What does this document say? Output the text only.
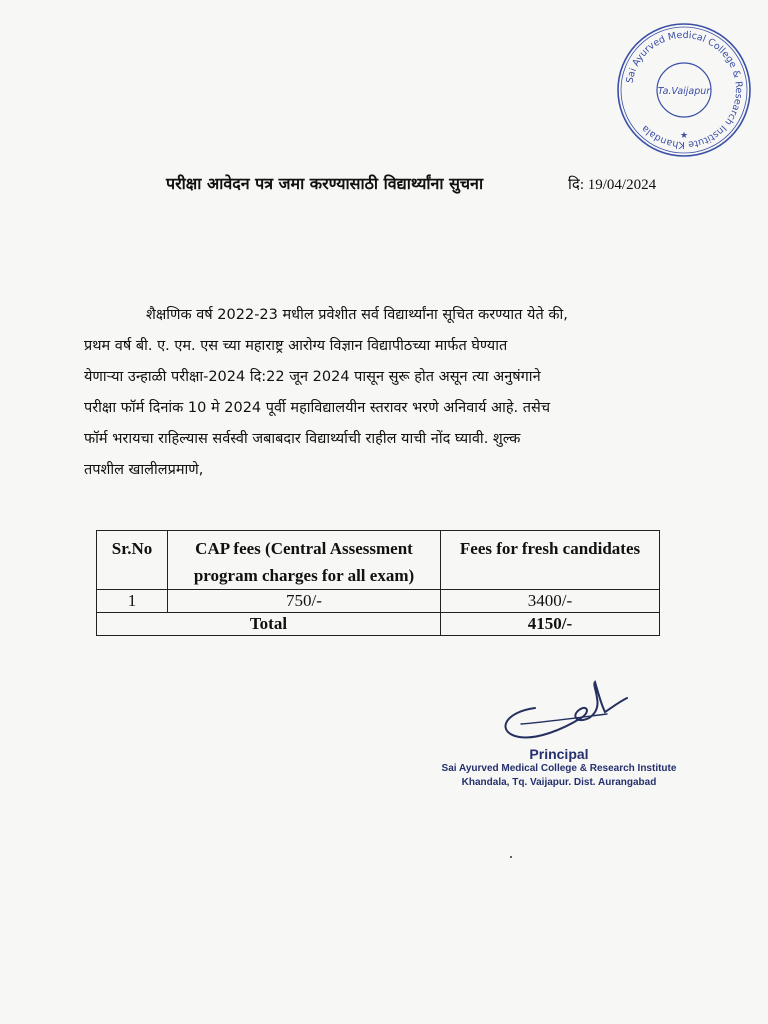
Sai Ayurved Medical College & Research Institute Khandala
Ta.Vaijapur
★
परीक्षा आवेदन पत्र जमा करण्यासाठी विद्यार्थ्यांना सुचना	दि: 19/04/2024

शैक्षणिक वर्ष 2022-23 मधील प्रवेशीत सर्व विद्यार्थ्यांना सूचित करण्यात येते की,
प्रथम वर्ष बी. ए. एम. एस च्या महाराष्ट्र आरोग्य विज्ञान विद्यापीठच्या मार्फत घेण्यात
येणाऱ्या उन्हाळी परीक्षा-2024 दि:22 जून 2024 पासून सुरू होत असून त्या अनुषंगाने
परीक्षा फॉर्म दिनांक 10 मे 2024 पूर्वी महाविद्यालयीन स्तरावर भरणे अनिवार्य आहे. तसेच
फॉर्म भरायचा राहिल्यास सर्वस्वी जबाबदार विद्यार्थ्याची राहील याची नोंद घ्यावी. शुल्क
तपशील खालीलप्रमाणे,

Sr.No	CAP fees (Central Assessment program charges for all exam)	Fees for fresh candidates
1	750/-	3400/-
Total		4150/-
Principal
Sai Ayurved Medical College & Research Institute
Khandala, Tq. Vaijapur. Dist. Aurangabad
